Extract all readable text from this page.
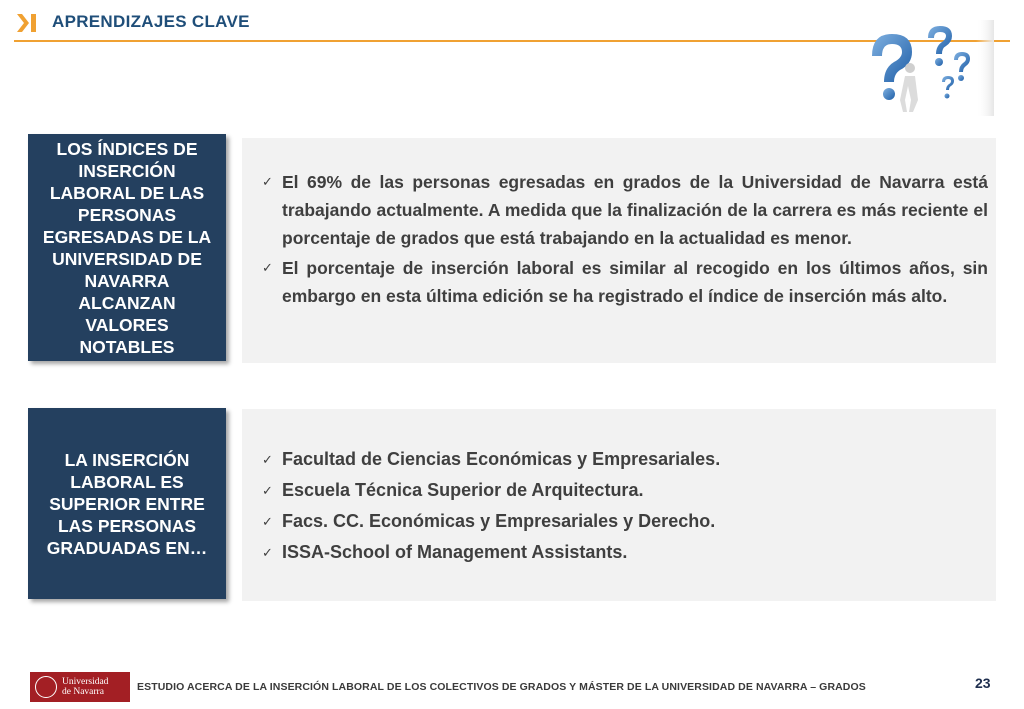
APRENDIZAJES CLAVE
LOS ÍNDICES DE INSERCIÓN LABORAL DE LAS PERSONAS EGRESADAS DE LA UNIVERSIDAD DE NAVARRA ALCANZAN VALORES NOTABLES
✓ El 69% de las personas egresadas en grados de la Universidad de Navarra está trabajando actualmente. A medida que la finalización de la carrera es más reciente el porcentaje de grados que está trabajando en la actualidad es menor.
✓ El porcentaje de inserción laboral es similar al recogido en los últimos años, sin embargo en esta última edición se ha registrado el índice de inserción más alto.
LA INSERCIÓN LABORAL ES SUPERIOR ENTRE LAS PERSONAS GRADUADAS EN…
✓ Facultad de Ciencias Económicas y Empresariales.
✓ Escuela Técnica Superior de Arquitectura.
✓ Facs. CC. Económicas y Empresariales y Derecho.
✓ ISSA-School of Management Assistants.
Universidad
de Navarra	ESTUDIO ACERCA DE LA INSERCIÓN LABORAL DE LOS COLECTIVOS DE GRADOS Y MÁSTER DE LA UNIVERSIDAD DE NAVARRA – GRADOS	23
